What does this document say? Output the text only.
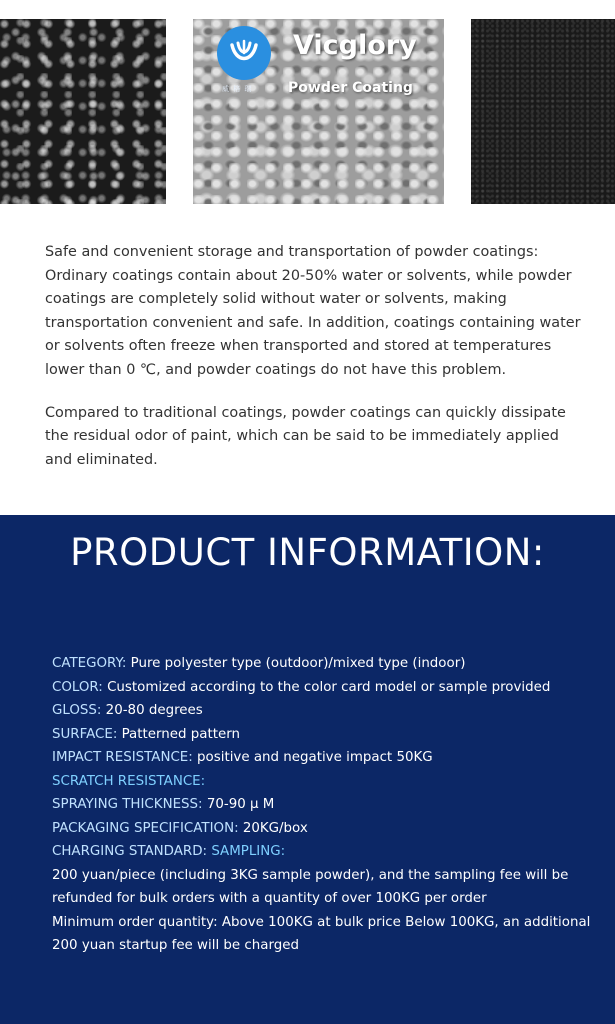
威 格 瑞
Vicglory
Powder Coating

Safe and convenient storage and transportation of powder coatings: Ordinary coatings contain about 20-50% water or solvents, while powder coatings are completely solid without water or solvents, making transportation convenient and safe. In addition, coatings containing water or solvents often freeze when transported and stored at temperatures lower than 0 ℃, and powder coatings do not have this problem.

Compared to traditional coatings, powder coatings can quickly dissipate the residual odor of paint, which can be said to be immediately applied and eliminated.

PRODUCT INFORMATION:
CATEGORY: Pure polyester type (outdoor)/mixed type (indoor)
COLOR: Customized according to the color card model or sample provided
GLOSS: 20-80 degrees
SURFACE: Patterned pattern
IMPACT RESISTANCE: positive and negative impact 50KG
SCRATCH RESISTANCE:
SPRAYING THICKNESS: 70-90 μ M
PACKAGING SPECIFICATION: 20KG/box
CHARGING STANDARD: SAMPLING:
200 yuan/piece (including 3KG sample powder), and the sampling fee will be refunded for bulk orders with a quantity of over 100KG per order
Minimum order quantity: Above 100KG at bulk price Below 100KG, an additional 200 yuan startup fee will be charged
